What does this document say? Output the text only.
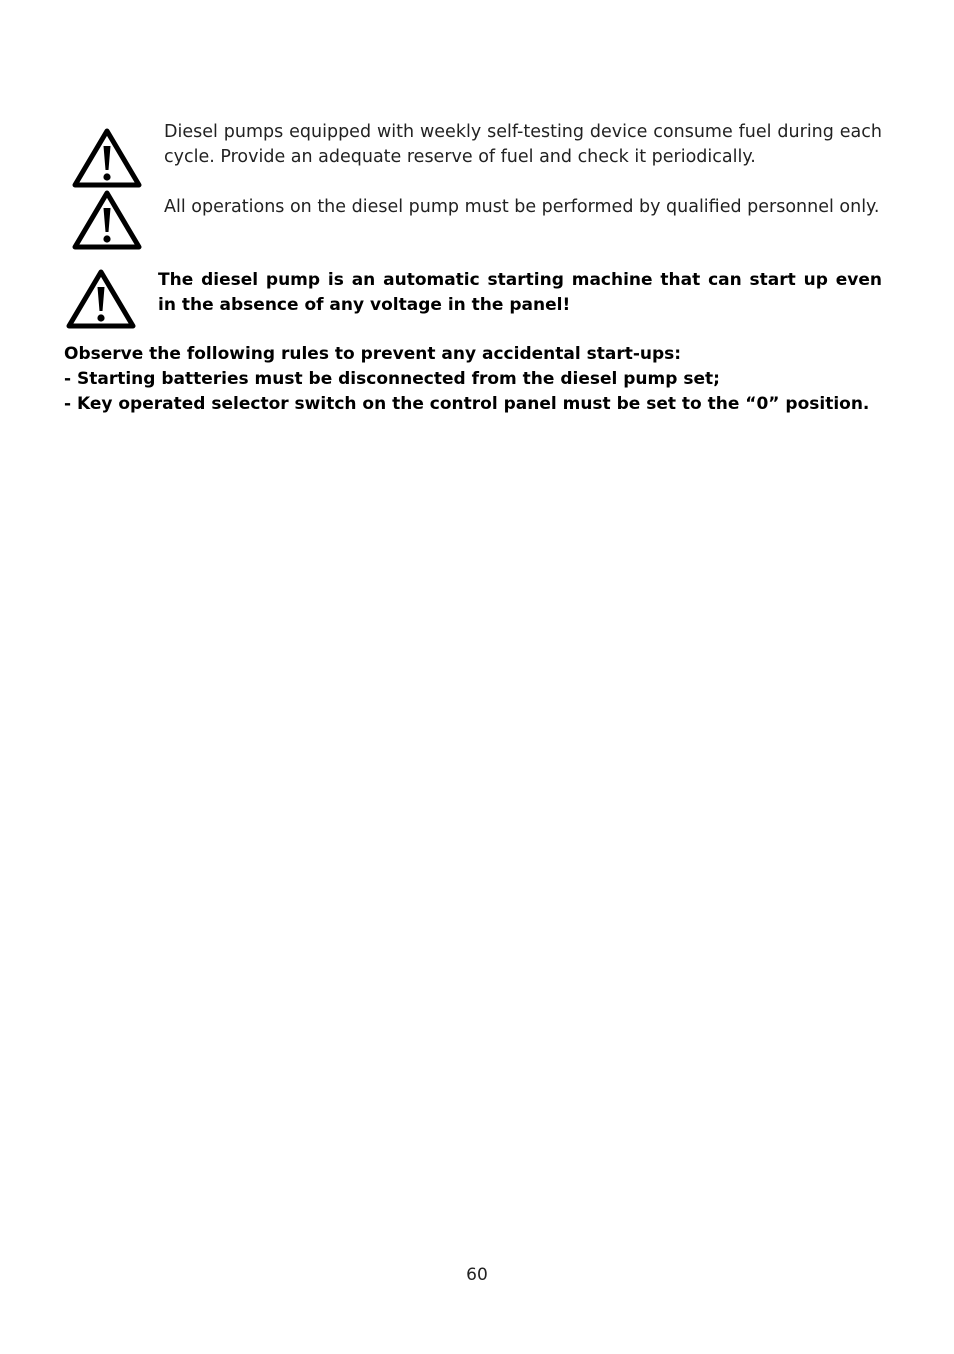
Diesel pumps equipped with weekly self-testing device consume fuel during each cycle. Provide an adequate reserve of fuel and check it periodically.

All operations on the diesel pump must be performed by qualified personnel only.

The diesel pump is an automatic starting machine that can start up even in the absence of any voltage in the panel!

Observe the following rules to prevent any accidental start-ups:
- Starting batteries must be disconnected from the diesel pump set;
- Key operated selector switch on the control panel must be set to the “0” position.
60
